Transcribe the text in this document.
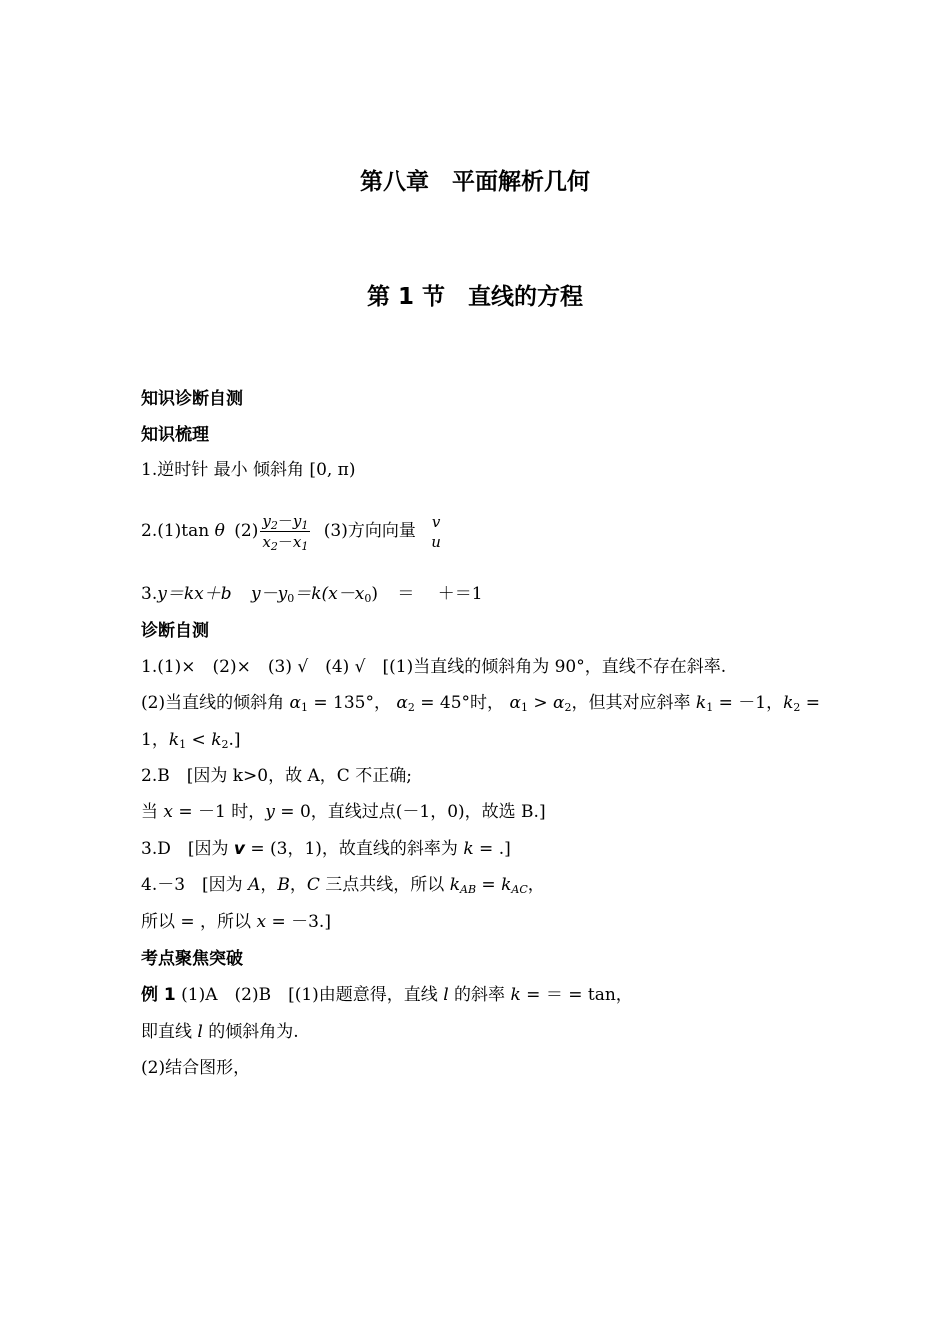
第八章　平面解析几何
第 1 节　直线的方程
知识诊断自测
知识梳理
1.逆时针 最小 倾斜角 [0, π)
2.(1)tan θ $(2) \frac{y_2-y_1}{x_2-x_1} (3)$方向向量 v
u
3.y＝kx＋b $y-y_0=k(x-x_0) = +=1$
诊断自测
1.(1)×　(2)×　(3) √　(4) √　[(1)当直线的倾斜角为 90°，直线不存在斜率.
(2)当直线的倾斜角 $\alpha_1 = 135^\circ$， $\alpha_2 = 45^\circ$时， $\alpha_1 > \alpha_2$，但其对应斜率 $k_1 = -1$，$k_2$ =
1，$k_1 < k_2$.]
2.B　[因为 k>0，故 A，C 不正确;
当 x = －1 时，y = 0，直线过点(－1，0)，故选 B.]
3.D　[因为 v = (3，1)，故直线的斜率为 k = .]
4.－3　[因为 A，B，C 三点共线，所以 $k_{AB} = k_{AC}$，
所以 = ，所以 x = －3.]
考点聚焦突破
例 1 (1)A　(2)B　[(1)由题意得，直线 l 的斜率 k = ＝ = tan，
即直线 l 的倾斜角为.
(2)结合图形，
